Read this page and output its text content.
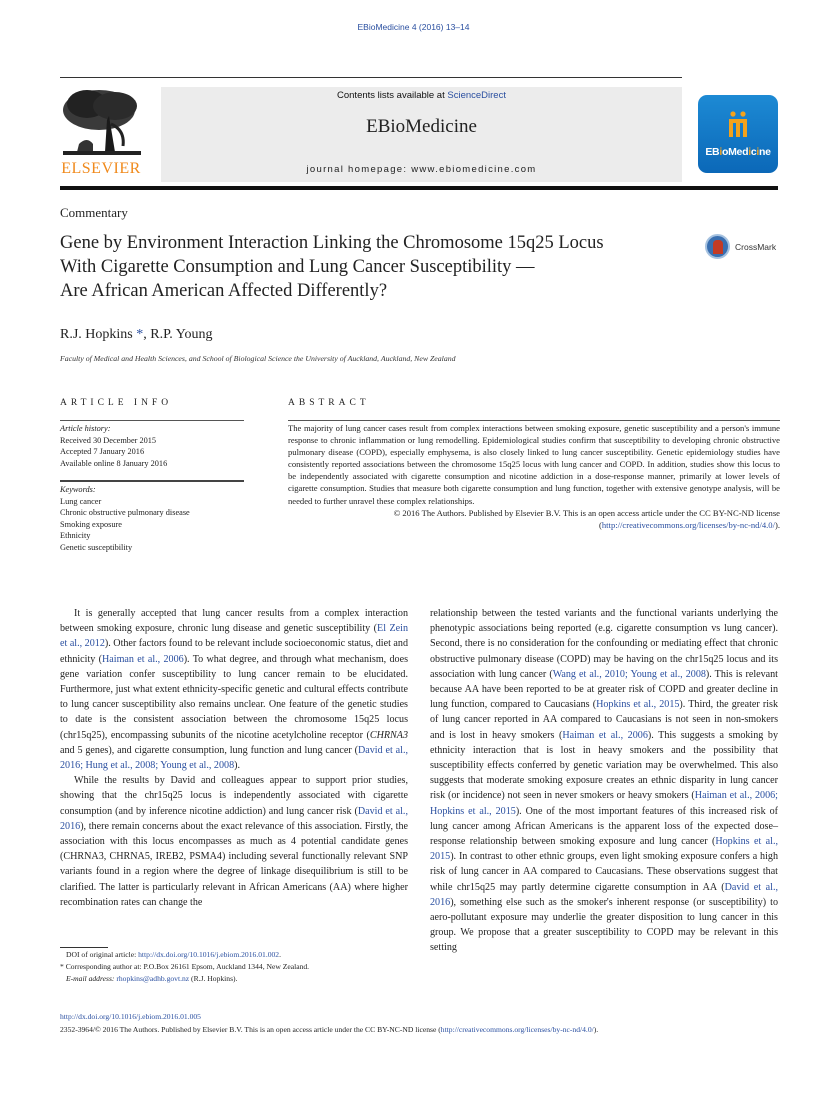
EBioMedicine 4 (2016) 13–14
ELSEVIER
Contents lists available at ScienceDirect
EBioMedicine
journal homepage: www.ebiomedicine.com
EBioMedicine
Commentary
Gene by Environment Interaction Linking the Chromosome 15q25 Locus
With Cigarette Consumption and Lung Cancer Susceptibility —
Are African American Affected Differently?
CrossMark
R.J. Hopkins *, R.P. Young
Faculty of Medical and Health Sciences, and School of Biological Science the University of Auckland, Auckland, New Zealand
ARTICLE INFO	ABSTRACT
Article history:
Received 30 December 2015
Accepted 7 January 2016
Available online 8 January 2016
Keywords:
Lung cancer
Chronic obstructive pulmonary disease
Smoking exposure
Ethnicity
Genetic susceptibility
The majority of lung cancer cases result from complex interactions between smoking exposure, genetic susceptibility and a person's immune response to chronic inflammation or lung remodelling. Epidemiological studies confirm that susceptibility to developing chronic obstructive pulmonary disease (COPD), especially emphysema, is also closely linked to lung cancer susceptibility. Genetic epidemiology studies have consistently reported associations between the chromosome 15q25 locus with lung cancer and COPD. In addition, studies show this locus to be independently associated with cigarette consumption and nicotine addiction in a dose-response manner, primarily at lower levels of cigarette consumption. Studies that measure both cigarette consumption and lung function, together with extensive genotype analysis, will be needed to further unravel these complex relationships.
© 2016 The Authors. Published by Elsevier B.V. This is an open access article under the CC BY-NC-ND license (http://creativecommons.org/licenses/by-nc-nd/4.0/).

It is generally accepted that lung cancer results from a complex interaction between smoking exposure, chronic lung disease and genetic susceptibility (El Zein et al., 2012). Other factors found to be relevant include socioeconomic status, diet and ethnicity (Haiman et al., 2006). To what degree, and through what mechanism, does gene variation confer susceptibility to lung cancer remain to be elucidated. Furthermore, just what extent ethnicity-specific genetic and cultural effects contribute to lung cancer susceptibility also remains unclear. One feature of the genetic studies to date is the consistent association between the chromosome 15q25 locus (chr15q25), encompassing subunits of the nicotine acetylcholine receptor (CHRNA3 and 5 genes), and cigarette consumption, lung function and lung cancer (David et al., 2016; Hung et al., 2008; Young et al., 2008).

While the results by David and colleagues appear to support prior studies, showing that the chr15q25 locus is independently associated with cigarette consumption (and by inference nicotine addiction) and lung cancer risk (David et al., 2016), there remain concerns about the exact relevance of this association. Firstly, the association with this locus encompasses as much as 4 potential candidate genes (CHRNA3, CHRNA5, IREB2, PSMA4) including several functionally relevant SNP variants found in a region where the degree of linkage disequilibrium is still to be clarified. The latter is particularly relevant in African Americans (AA) where higher recombination rates can change the

relationship between the tested variants and the functional variants underlying the phenotypic associations being reported (e.g. cigarette consumption vs lung cancer). Second, there is no consideration for the confounding or mediating effect that chronic obstructive pulmonary disease (COPD) may be having on the chr15q25 locus and its association with lung cancer (Wang et al., 2010; Young et al., 2008). This is relevant because AA have been reported to be at greater risk of COPD and greater decline in lung function, compared to Caucasians (Hopkins et al., 2015). Third, the greater risk of lung cancer reported in AA compared to Caucasians is not seen in non-smokers and is lost in heavy smokers (Haiman et al., 2006). This suggests a smoking by ethnicity interaction that is lost in heavy smokers and the possibility that susceptibility effects conferred by genetic variation may be overwhelmed. This also suggests that moderate smoking exposure creates an ethnic disparity in lung cancer risk (or incidence) not seen in never smokers or heavy smokers (Haiman et al., 2006; Hopkins et al., 2015). One of the most important features of this increased risk of lung cancer among African Americans is the apparent loss of the expected dose–response relationship between smoking exposure and lung cancer (Hopkins et al., 2015). In contrast to other ethnic groups, even light smoking exposure confers a high risk of lung cancer in AA compared to Caucasians. These observations suggest that while chr15q25 may partly determine cigarette consumption in AA (David et al., 2016), something else such as the smoker's inherent response (or susceptibility) to aero-pollutant exposure may underlie the greater disposition to lung cancer in this group. We propose that a greater susceptibility to COPD may be relevant in this setting

DOI of original article: http://dx.doi.org/10.1016/j.ebiom.2016.01.002.
* Corresponding author at: P.O.Box 26161 Epsom, Auckland 1344, New Zealand.
E-mail address: rhopkins@adhb.govt.nz (R.J. Hopkins).
http://dx.doi.org/10.1016/j.ebiom.2016.01.005
2352-3964/© 2016 The Authors. Published by Elsevier B.V. This is an open access article under the CC BY-NC-ND license (http://creativecommons.org/licenses/by-nc-nd/4.0/).
